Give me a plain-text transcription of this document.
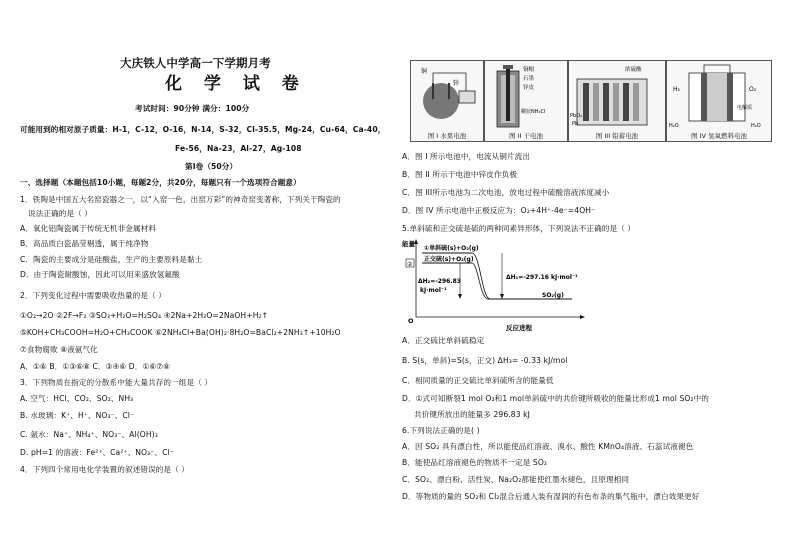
大庆铁人中学高一下学期月考
化 学 试 卷
考试时间：90分钟 满分：100分
可能用到的相对原子质量：H-1，C-12，O-16，N-14，S-32，Cl-35.5，Mg-24，Cu-64，Ca-40，
Fe-56，Na-23，Al-27，Ag-108
第Ⅰ卷（50分）
一、选择题（本题包括10小题，每题2分，共20分，每题只有一个选项符合题意）
1．铁陶是中国五大名窑瓷器之一，以“入窑一色，出窑万彩”的神奇窑变著称，下列关于陶瓷的
说法正确的是（ ）
A．氧化铝陶瓷属于传统无机非金属材料
B．高品质白瓷晶莹剔透，属于纯净物
C．陶瓷的主要成分是硅酸盐，生产的主要原料是黏土
D．由于陶瓷耐酸蚀，因此可以用来盛放氢氟酸
2．下列变化过程中需要吸收热量的是（ ）
①O₂→2O ②2F→F₂ ③SO₃+H₂O=H₂SO₄ ④2Na+2H₂O=2NaOH+H₂↑
⑤KOH+CH₃COOH=H₂O+CH₃COOK ⑥2NH₄Cl+Ba(OH)₂·8H₂O=BaCl₂+2NH₃↑+10H₂O
⑦食物腐败 ⑧液氨气化
A．①⑥ B．①③⑥⑧ C．③④⑥ D．①⑥⑦⑧
3．下列物质在指定的分散系中能大量共存的一组是（ ）
A. 空气：HCl、CO₂、SO₂、NH₃
B. 水玻璃：K⁺、H⁺、NO₃⁻、Cl⁻
C. 氨水：Na⁺、NH₄⁺、NO₃⁻、Al(OH)₃
D. pH=1 的溶液：Fe²⁺、Ca²⁺、NO₃⁻、Cl⁻
4．下列四个常用电化学装置的叙述错误的是（ ）
铜
锌
图 I 水果电池
铜帽
石墨
锌皮
糊状NH₄Cl
图 II 干电池
浓硫酸
PbO₂
Pb
图 III 铅蓄电池
H₂	O₂
电解质
H₂O	H₂O
图 IV 氢氧燃料电池
A．图 I 所示电池中，电流从铜片流出
B．图 II 所示干电池中锌皮作负极
C．图 III所示电池为二次电池，放电过程中硫酸溶液浓度减小
D．图 IV 所示电池中正极反应为：O₂+4H⁺-4e⁻=4OH⁻
5.单斜硫和正交硫是硫的两种同素异形体，下列说法不正确的是（ ）
A．正交硫比单斜硫稳定
B. S(s，单斜)=S(s，正交) ΔH₃= -0.33 kJ/mol
C．相同质量的正交硫比单斜硫所含的能量低
D．①式可知断裂1 mol O₂和1 mol单斜硫中的共价键所吸收的能量比形成1 mol SO₂中的
共价键所放出的能量多 296.83 kJ
6.下列说法正确的是( )
A．因 SO₂ 具有漂白性，所以能使品红溶液、溴水、酸性 KMnO₄溶液、石蕊试液褪色
B．能使品红溶液褪色的物质不一定是 SO₂
C．SO₂、漂白粉、活性炭、Na₂O₂都能使红墨水褪色，且原理相同
D．等物质的量的 SO₂和 Cl₂混合后通入装有湿润的有色布条的集气瓶中，漂白效果更好
能量
O
反应进程
①单斜硫(s)+O₂(g)
正交硫(s)+O₂(g)
②
SO₂(g)
ΔH₁=-297.16 kJ·mol⁻¹
ΔH₂=-296.83
kJ·mol⁻¹
